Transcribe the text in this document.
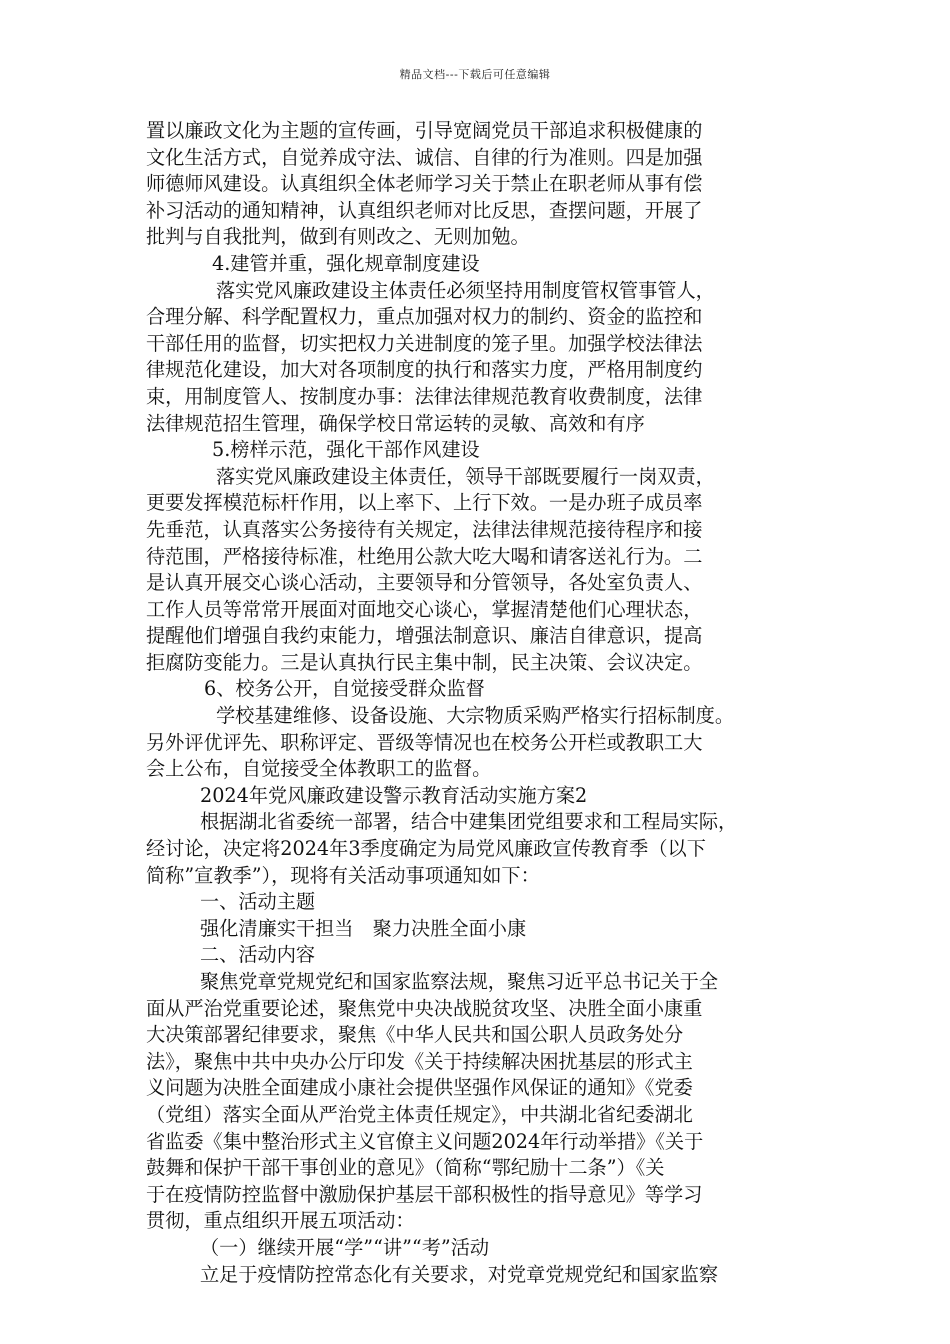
精品文档---下载后可任意编辑

置以廉政文化为主题的宣传画，引导宽阔党员干部追求积极健康的

文化生活方式，自觉养成守法、诚信、自律的行为准则。四是加强

师德师风建设。认真组织全体老师学习关于禁止在职老师从事有偿

补习活动的通知精神，认真组织老师对比反思，查摆问题，开展了

批判与自我批判，做到有则改之、无则加勉。

4.建管并重，强化规章制度建设

落实党风廉政建设主体责任必须坚持用制度管权管事管人，

合理分解、科学配置权力，重点加强对权力的制约、资金的监控和

干部任用的监督，切实把权力关进制度的笼子里。加强学校法律法

律规范化建设，加大对各项制度的执行和落实力度，严格用制度约

束，用制度管人、按制度办事：法律法律规范教育收费制度，法律

法律规范招生管理，确保学校日常运转的灵敏、高效和有序

5.榜样示范，强化干部作风建设

落实党风廉政建设主体责任，领导干部既要履行一岗双责，

更要发挥模范标杆作用，以上率下、上行下效。一是办班子成员率

先垂范，认真落实公务接待有关规定，法律法律规范接待程序和接

待范围，严格接待标准，杜绝用公款大吃大喝和请客送礼行为。二

是认真开展交心谈心活动，主要领导和分管领导，各处室负责人、

工作人员等常常开展面对面地交心谈心，掌握清楚他们心理状态，

提醒他们增强自我约束能力，增强法制意识、廉洁自律意识，提高

拒腐防变能力。三是认真执行民主集中制，民主决策、会议决定。

6、校务公开，自觉接受群众监督

学校基建维修、设备设施、大宗物质采购严格实行招标制度。

另外评优评先、职称评定、晋级等情况也在校务公开栏或教职工大

会上公布，自觉接受全体教职工的监督。

2024年党风廉政建设警示教育活动实施方案2

根据湖北省委统一部署，结合中建集团党组要求和工程局实际，

经讨论，决定将2024年3季度确定为局党风廉政宣传教育季（以下

简称”宣教季”），现将有关活动事项通知如下：

一、活动主题

强化清廉实干担当　聚力决胜全面小康

二、活动内容

聚焦党章党规党纪和国家监察法规，聚焦习近平总书记关于全

面从严治党重要论述，聚焦党中央决战脱贫攻坚、决胜全面小康重

大决策部署纪律要求，聚焦《中华人民共和国公职人员政务处分

法》，聚焦中共中央办公厅印发《关于持续解决困扰基层的形式主

义问题为决胜全面建成小康社会提供坚强作风保证的通知》《党委

（党组）落实全面从严治党主体责任规定》，中共湖北省纪委湖北

省监委《集中整治形式主义官僚主义问题2024年行动举措》《关于

鼓舞和保护干部干事创业的意见》（简称“鄂纪励十二条”）《关

于在疫情防控监督中激励保护基层干部积极性的指导意见》等学习

贯彻，重点组织开展五项活动：

（一）继续开展“学”“讲”“考”活动

立足于疫情防控常态化有关要求，对党章党规党纪和国家监察
